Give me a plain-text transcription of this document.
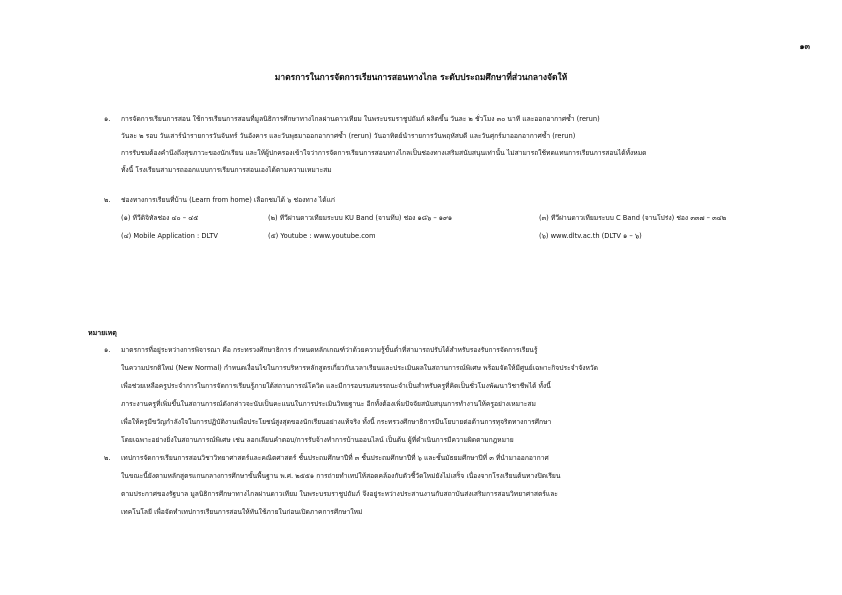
๑๓
มาตรการในการจัดการเรียนการสอนทางไกล ระดับประถมศึกษาที่ส่วนกลางจัดให้
๑. การจัดการเรียนการสอน ใช้การเรียนการสอนที่มูลนิธิการศึกษาทางไกลผ่านดาวเทียม ในพระบรมราชูปถัมภ์ ผลิตขึ้น วันละ ๒ ชั่วโมง ๓๐ นาที และออกอากาศซ้ำ (rerun)
วันละ ๒ รอบ วันเสาร์นำรายการวันจันทร์ วันอังคาร และวันพุธมาออกอากาศซ้ำ (rerun) วันอาทิตย์นำรายการวันพฤหัสบดี และวันศุกร์มาออกอากาศซ้ำ (rerun)
การรับชมต้องคำนึงถึงสุขภาวะของนักเรียน และให้ผู้ปกครองเข้าใจว่าการจัดการเรียนการสอนทางไกลเป็นช่องทางเสริมสนับสนุนเท่านั้น ไม่สามารถใช้ทดแทนการเรียนการสอนได้ทั้งหมด
ทั้งนี้ โรงเรียนสามารถออกแบบการเรียนการสอนเองได้ตามความเหมาะสม
๒. ช่องทางการเรียนที่บ้าน (Learn from home) เลือกชมได้ ๖ ช่องทาง ได้แก่
(๑) ทีวีดิจิทัลช่อง ๔๐ – ๔๕	(๒) ทีวีผ่านดาวเทียมระบบ KU Band (จานทึบ) ช่อง ๑๘๖ – ๑๙๑	(๓) ทีวีผ่านดาวเทียมระบบ C Band (จานโปร่ง) ช่อง ๓๓๗ – ๓๔๒
(๔) Mobile Application : DLTV	(๕) Youtube : www.youtube.com	(๖) www.dltv.ac.th (DLTV ๑ – ๖)
หมายเหตุ
๑. มาตรการที่อยู่ระหว่างการพิจารณา คือ กระทรวงศึกษาธิการ กำหนดหลักเกณฑ์ว่าด้วยความรู้ขั้นต่ำที่สามารถปรับได้สำหรับรองรับการจัดการเรียนรู้
ในความปรกติใหม่ (New Normal) กำหนดเงื่อนไขในการบริหารหลักสูตรเกี่ยวกับเวลาเรียนและประเมินผลในสถานการณ์พิเศษ พร้อมจัดให้มีศูนย์เฉพาะกิจประจำจังหวัด
เพื่อช่วยเหลือครูประจำการในการจัดการเรียนรู้ภายใต้สถานการณ์โควิด และมีการอบรมสมรรถนะจำเป็นสำหรับครูที่คิดเป็นชั่วโมงพัฒนาวิชาชีพได้ ทั้งนี้
ภาระงานครูที่เพิ่มขึ้นในสถานการณ์ดังกล่าวจะนับเป็นคะแนนในการประเมินวิทยฐานะ อีกทั้งต้องเพิ่มปัจจัยสนับสนุนการทำงานให้ครูอย่างเหมาะสม
เพื่อให้ครูมีขวัญกำลังใจในการปฏิบัติงานเพื่อประโยชน์สูงสุดของนักเรียนอย่างแท้จริง ทั้งนี้ กระทรวงศึกษาธิการมีนโยบายต่อต้านการทุจริตทางการศึกษา
โดยเฉพาะอย่างยิ่งในสถานการณ์พิเศษ เช่น ลอกเลียนคำตอบ/การรับจ้างทำการบ้านออนไลน์ เป็นต้น ผู้ที่ดำเนินการมีความผิดตามกฎหมาย
๒. เทปการจัดการเรียนการสอนวิชาวิทยาศาสตร์และคณิตศาสตร์ ชั้นประถมศึกษาปีที่ ๓ ชั้นประถมศึกษาปีที่ ๖ และชั้นมัธยมศึกษาปีที่ ๓ ที่นำมาออกอากาศ
ในขณะนี้ยังตามหลักสูตรแกนกลางการศึกษาขั้นพื้นฐาน พ.ศ. ๒๕๕๑ การถ่ายทำเทปให้สอดคล้องกับตัวชี้วัดใหม่ยังไม่เสร็จ เนื่องจากโรงเรียนต้นทางปิดเรียน
ตามประกาศของรัฐบาล มูลนิธิการศึกษาทางไกลผ่านดาวเทียม ในพระบรมราชูปถัมภ์ จึงอยู่ระหว่างประสานงานกับสถาบันส่งเสริมการสอนวิทยาศาสตร์และ
เทคโนโลยี เพื่อจัดทำเทปการเรียนการสอนให้ทันใช้ภายในก่อนเปิดภาคการศึกษาใหม่
